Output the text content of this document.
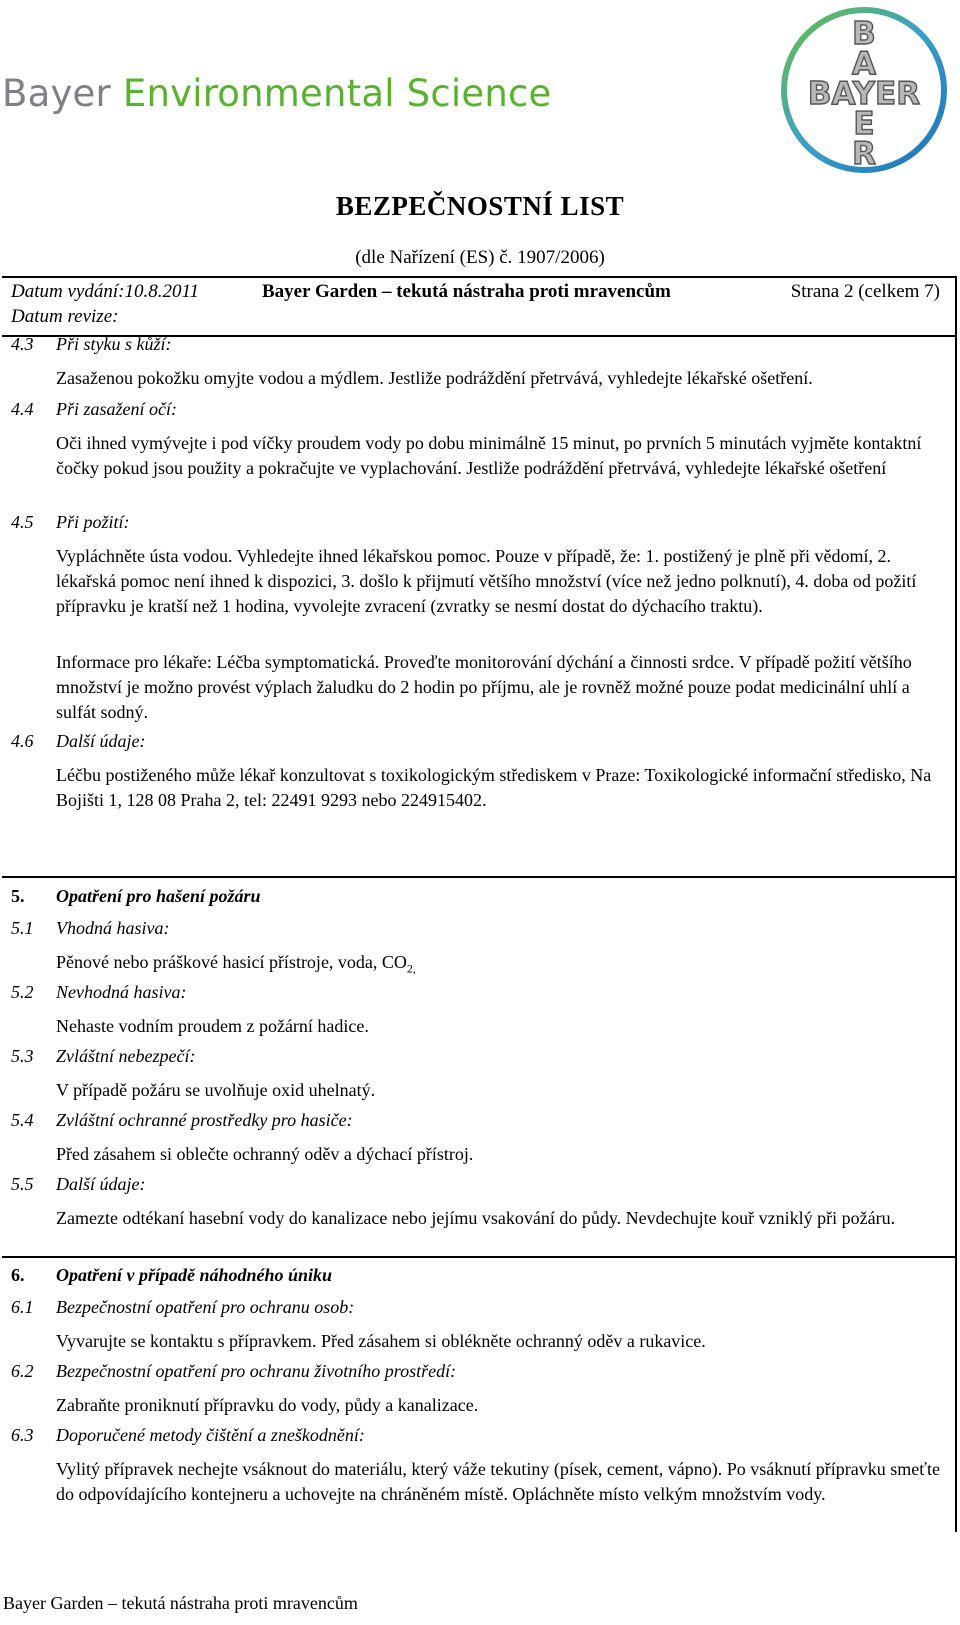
Bayer Environmental Science
B
A
BAYER
E
R
BEZPEČNOSTNÍ LIST
(dle Nařízení (ES) č. 1907/2006)
Datum vydání:10.8.2011
Datum revize:
Bayer Garden – tekutá nástraha proti mravencům	Strana 2 (celkem 7)
4.3 Při styku s kůží:
Zasaženou pokožku omyjte vodou a mýdlem. Jestliže podráždění přetrvává, vyhledejte lékařské ošetření.
4.4 Při zasažení očí:
Oči ihned vymývejte i pod víčky proudem vody po dobu minimálně 15 minut, po prvních 5 minutách vyjměte kontaktní čočky pokud jsou použity a pokračujte ve vyplachování. Jestliže podráždění přetrvává, vyhledejte lékařské ošetření
4.5 Při požití:
Vypláchněte ústa vodou. Vyhledejte ihned lékařskou pomoc. Pouze v případě, že: 1. postižený je plně při vědomí, 2. lékařská pomoc není ihned k dispozici, 3. došlo k přijmutí většího množství (více než jedno polknutí), 4. doba od požití přípravku je kratší než 1 hodina, vyvolejte zvracení (zvratky se nesmí dostat do dýchacího traktu).
Informace pro lékaře: Léčba symptomatická. Proveďte monitorování dýchání a činnosti srdce. V případě požití většího množství je možno provést výplach žaludku do 2 hodin po příjmu, ale je rovněž možné pouze podat medicinální uhlí a sulfát sodný.
4.6 Další údaje:
Léčbu postiženého může lékař konzultovat s toxikologickým střediskem v Praze: Toxikologické informační středisko, Na Bojišti 1, 128 08 Praha 2, tel: 22491 9293 nebo 224915402.
5. Opatření pro hašení požáru
5.1 Vhodná hasiva:
Pěnové nebo práškové hasicí přístroje, voda, $CO_{2,}$
5.2 Nevhodná hasiva:
Nehaste vodním proudem z požární hadice.
5.3 Zvláštní nebezpečí:
V případě požáru se uvolňuje oxid uhelnatý.
5.4 Zvláštní ochranné prostředky pro hasiče:
Před zásahem si oblečte ochranný oděv a dýchací přístroj.
5.5 Další údaje:
Zamezte odtékaní hasební vody do kanalizace nebo jejímu vsakování do půdy. Nevdechujte kouř vzniklý při požáru.
6. Opatření v případě náhodného úniku
6.1 Bezpečnostní opatření pro ochranu osob:
Vyvarujte se kontaktu s přípravkem. Před zásahem si oblékněte ochranný oděv a rukavice.
6.2 Bezpečnostní opatření pro ochranu životního prostředí:
Zabraňte proniknutí přípravku do vody, půdy a kanalizace.
6.3 Doporučené metody čištění a zneškodnění:
Vylitý přípravek nechejte vsáknout do materiálu, který váže tekutiny (písek, cement, vápno). Po vsáknutí přípravku smeťte do odpovídajícího kontejneru a uchovejte na chráněném místě. Opláchněte místo velkým množstvím vody.
Bayer Garden – tekutá nástraha proti mravencům
